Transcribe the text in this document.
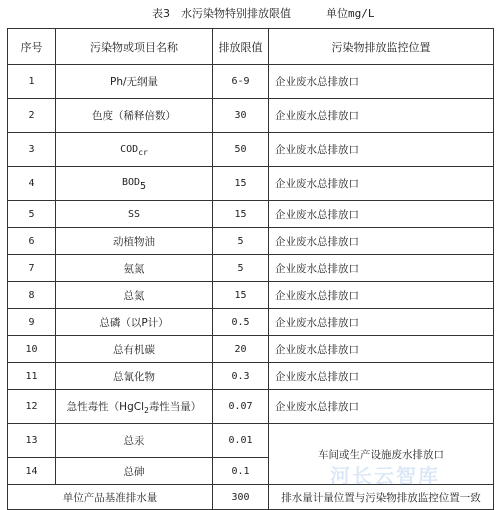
表3　水污染物特别排放限值	单位mg/L
序号	污染物或项目名称	排放限值	污染物排放监控位置
1	Ph/无纲量	6-9	企业废水总排放口
2	色度（稀释倍数）	30	企业废水总排放口
3	$COD_{cr}$	50	企业废水总排放口
4	BOD5	15	企业废水总排放口
5	SS	15	企业废水总排放口
6	动植物油	5	企业废水总排放口
7	氨氮	5	企业废水总排放口
8	总氮	15	企业废水总排放口
9	总磷（以P计）	0.5	企业废水总排放口
10	总有机碳	20	企业废水总排放口
11	总氰化物	0.3	企业废水总排放口
12	急性毒性（HgCl$_2$毒性当量）	0.07	企业废水总排放口
13	总汞	0.01	车间或生产设施废水排放口
14	总砷	0.1	
单位产品基准排水量		300	排水量计量位置与污染物排放监控位置一致
河长云智库
